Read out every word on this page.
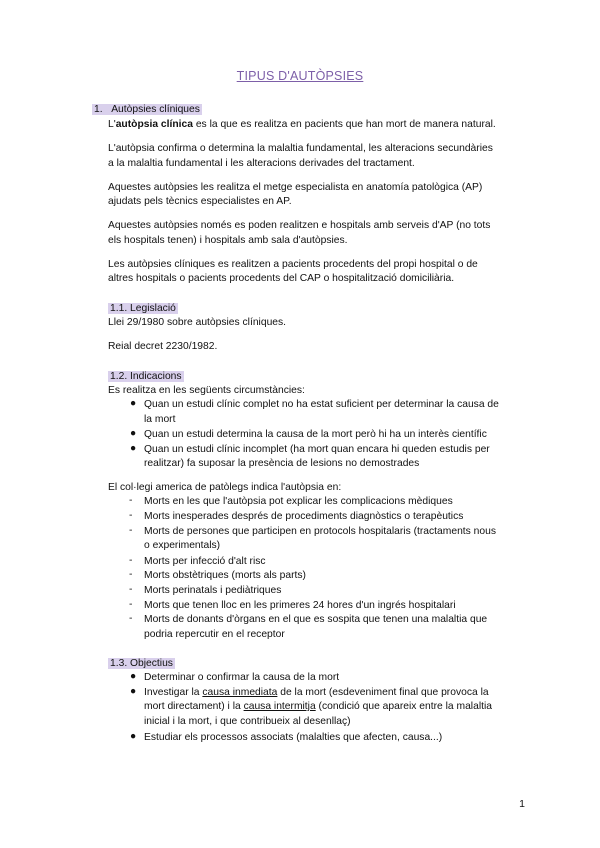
TIPUS D'AUTÒPSIES
1. Autòpsies clíniques
L'autòpsia clínica es la que es realitza en pacients que han mort de manera natural.
L'autòpsia confirma o determina la malaltia fundamental, les alteracions secundàries
a la malaltia fundamental i les alteracions derivades del tractament.
Aquestes autòpsies les realitza el metge especialista en anatomía patològica (AP)
ajudats pels tècnics especialistes en AP.
Aquestes autòpsies només es poden realitzen e hospitals amb serveis d'AP (no tots
els hospitals tenen) i hospitals amb sala d'autòpsies.
Les autòpsies clíniques es realitzen a pacients procedents del propi hospital o de
altres hospitals o pacients procedents del CAP o hospitalització domiciliària.
1.1. Legislació
Llei 29/1980 sobre autòpsies clíniques.
Reial decret 2230/1982.
1.2. Indicacions
Es realitza en les següents circumstàncies:
● Quan un estudi clínic complet no ha estat suficient per determinar la causa de
la mort
● Quan un estudi determina la causa de la mort però hi ha un interès científic
● Quan un estudi clínic incomplet (ha mort quan encara hi queden estudis per
realitzar) fa suposar la presència de lesions no demostrades
El col·legi america de patòlegs indica l'autòpsia en:
- Morts en les que l'autòpsia pot explicar les complicacions mèdiques
- Morts inesperades després de procediments diagnòstics o terapèutics
- Morts de persones que participen en protocols hospitalaris (tractaments nous
o experimentals)
- Morts per infecció d'alt risc
- Morts obstètriques (morts als parts)
- Morts perinatals i pediàtriques
- Morts que tenen lloc en les primeres 24 hores d'un ingrés hospitalari
- Morts de donants d'òrgans en el que es sospita que tenen una malaltia que
podria repercutir en el receptor
1.3. Objectius
● Determinar o confirmar la causa de la mort
● Investigar la causa inmediata de la mort (esdeveniment final que provoca la
mort directament) i la causa intermitja (condició que apareix entre la malaltia
inicial i la mort, i que contribueix al desenllaç)
● Estudiar els processos associats (malalties que afecten, causa...)
1
